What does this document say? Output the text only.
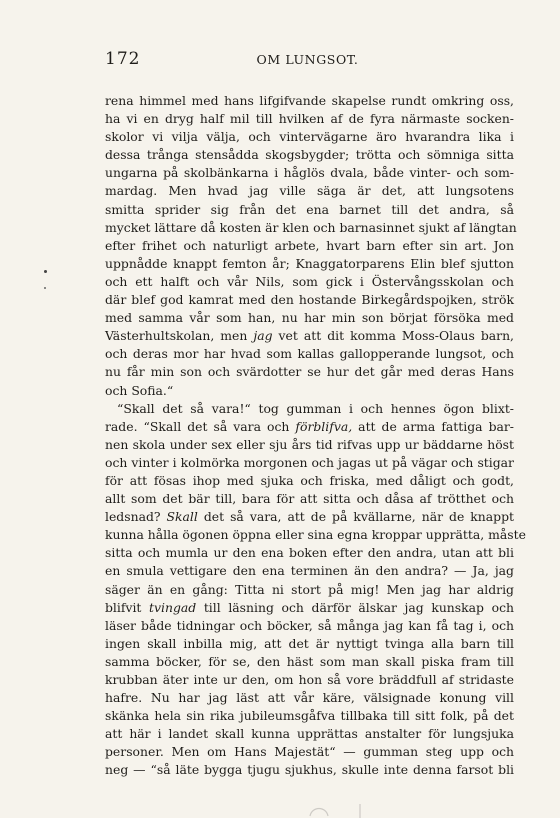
172	OM LUNGSOT.
rena himmel med hans lifgifvande skapelse rundt omkring oss,
ha vi en dryg half mil till hvilken af de fyra närmaste socken-
skolor vi vilja välja, och vintervägarne äro hvarandra lika i
dessa trånga stensådda skogsbygder; trötta och sömniga sitta
ungarna på skolbänkarna i håglös dvala, både vinter- och som-
mardag. Men hvad jag ville säga är det, att lungsotens
smitta sprider sig från det ena barnet till det andra, så
mycket lättare då kosten är klen och barnasinnet sjukt af längtan
efter frihet och naturligt arbete, hvart barn efter sin art. Jon
uppnådde knappt femton år; Knaggatorparens Elin blef sjutton
och ett halft och vår Nils, som gick i Östervångsskolan och
där blef god kamrat med den hostande Birkegårdspojken, strök
med samma vår som han, nu har min son börjat försöka med
Västerhultskolan, men jag vet att dit komma Moss-Olaus barn,
och deras mor har hvad som kallas gallopperande lungsot, och
nu får min son och svärdotter se hur det går med deras Hans
och Sofia.“
“Skall det så vara!“ tog gumman i och hennes ögon blixt-
rade. “Skall det så vara och förblifva, att de arma fattiga bar-
nen skola under sex eller sju års tid rifvas upp ur bäddarne höst
och vinter i kolmörka morgonen och jagas ut på vägar och stigar
för att fösas ihop med sjuka och friska, med dåligt och godt,
allt som det bär till, bara för att sitta och dåsa af trötthet och
ledsnad? Skall det så vara, att de på kvällarne, när de knappt
kunna hålla ögonen öppna eller sina egna kroppar upprätta, måste
sitta och mumla ur den ena boken efter den andra, utan att bli
en smula vettigare den ena terminen än den andra? — Ja, jag
säger än en gång: Titta ni stort på mig! Men jag har aldrig
blifvit tvingad till läsning och därför älskar jag kunskap och
läser både tidningar och böcker, så många jag kan få tag i, och
ingen skall inbilla mig, att det är nyttigt tvinga alla barn till
samma böcker, för se, den häst som man skall piska fram till
krubban äter inte ur den, om hon så vore bräddfull af stridaste
hafre. Nu har jag läst att vår käre, välsignade konung vill
skänka hela sin rika jubileumsgåfva tillbaka till sitt folk, på det
att här i landet skall kunna upprättas anstalter för lungsjuka
personer. Men om Hans Majestät“ — gumman steg upp och
neg — “så läte bygga tjugu sjukhus, skulle inte denna farsot bli
